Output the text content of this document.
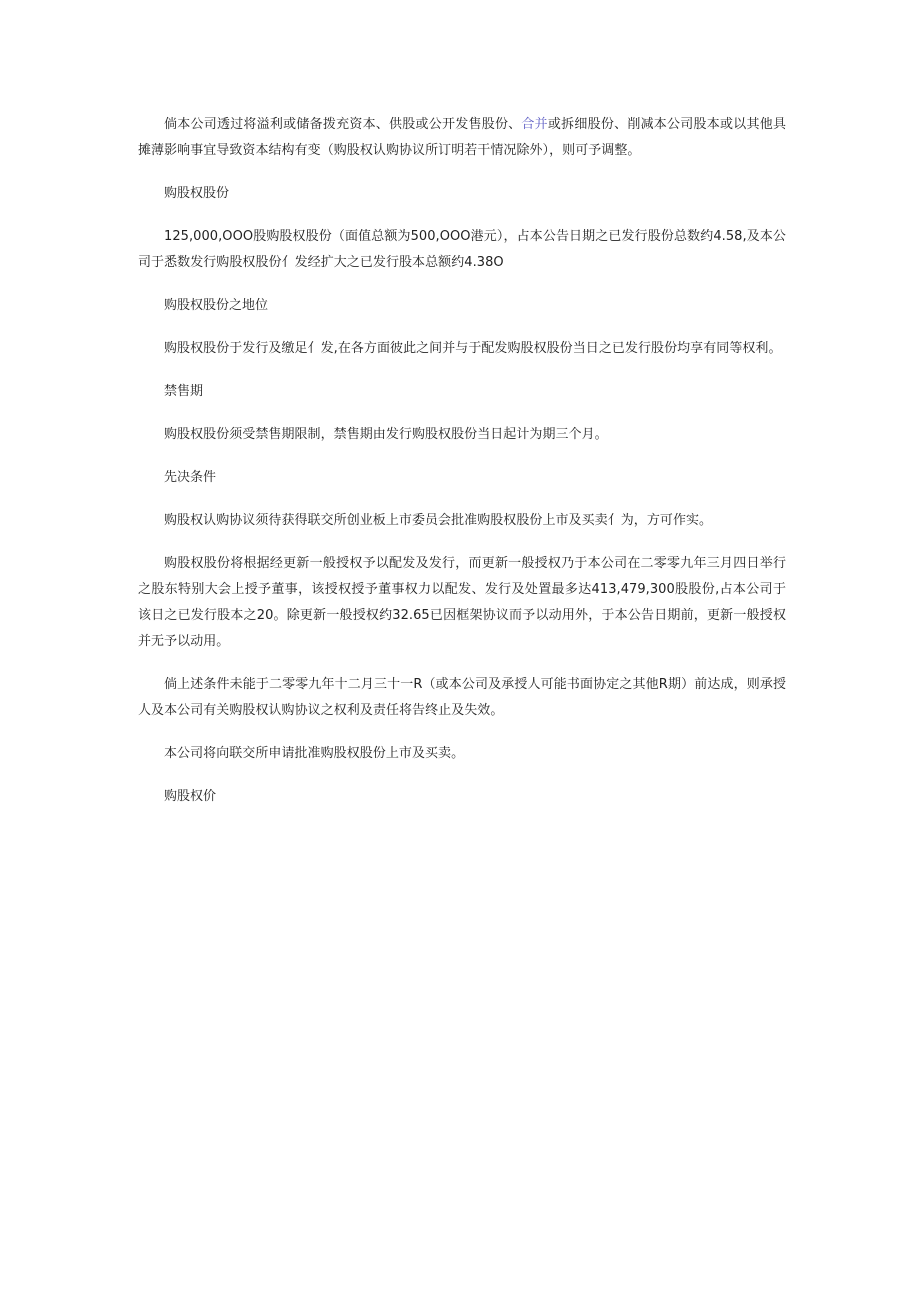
倘本公司透过将溢利或储备拨充资本、供股或公开发售股份、合并或拆细股份、削减本公司股本或以其他具摊薄影响事宜导致资本结构有变（购股权认购协议所订明若干情况除外），则可予调整。

购股权股份

125,000,OOO股购股权股份（面值总额为500,OOO港元），占本公告日期之已发行股份总数约4.58,及本公司于悉数发行购股权股份亻发经扩大之已发行股本总额约4.38O

购股权股份之地位

购股权股份于发行及缴足亻发,在各方面彼此之间并与于配发购股权股份当日之已发行股份均享有同等权利。

禁售期

购股权股份须受禁售期限制，禁售期由发行购股权股份当日起计为期三个月。

先决条件

购股权认购协议须待获得联交所创业板上市委员会批准购股权股份上市及买卖亻为，方可作实。

购股权股份将根据经更新一般授权予以配发及发行，而更新一般授权乃于本公司在二零零九年三月四日举行之股东特别大会上授予董事，该授权授予董事权力以配发、发行及处置最多达413,479,300股股份,占本公司于该日之已发行股本之20。除更新一般授权约32.65已因框架协议而予以动用外，于本公告日期前，更新一般授权并无予以动用。

倘上述条件未能于二零零九年十二月三十一R（或本公司及承授人可能书面协定之其他R期）前达成，则承授人及本公司有关购股权认购协议之权利及责任将告终止及失效。

本公司将向联交所申请批准购股权股份上市及买卖。

购股权价
